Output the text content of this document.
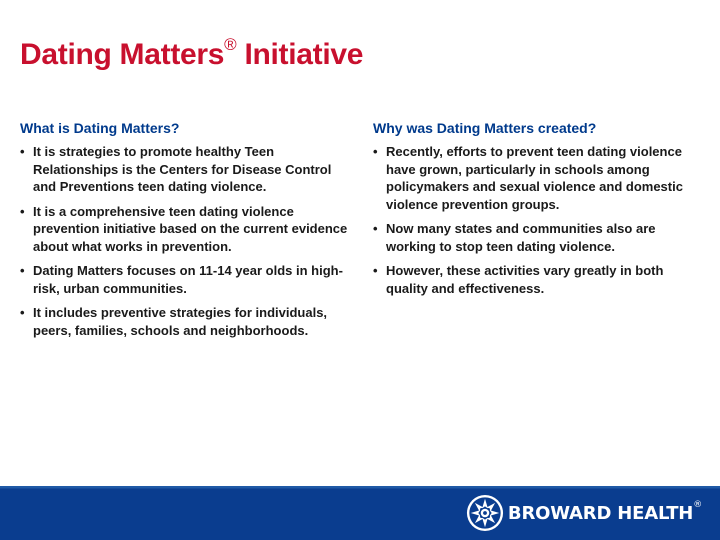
Dating Matters® Initiative
What is Dating Matters?
• It is strategies to promote healthy Teen Relationships is the Centers for Disease Control and Preventions teen dating violence.
• It is a comprehensive teen dating violence prevention initiative based on the current evidence about what works in prevention.
• Dating Matters focuses on 11-14 year olds in high-risk, urban communities.
• It includes preventive strategies for individuals, peers, families, schools and neighborhoods.
Why was Dating Matters created?
• Recently, efforts to prevent teen dating violence have grown, particularly in schools among policymakers and sexual violence and domestic violence prevention groups.
• Now many states and communities also are working to stop teen dating violence.
• However, these activities vary greatly in both quality and effectiveness.
BROWARD HEALTH ®
